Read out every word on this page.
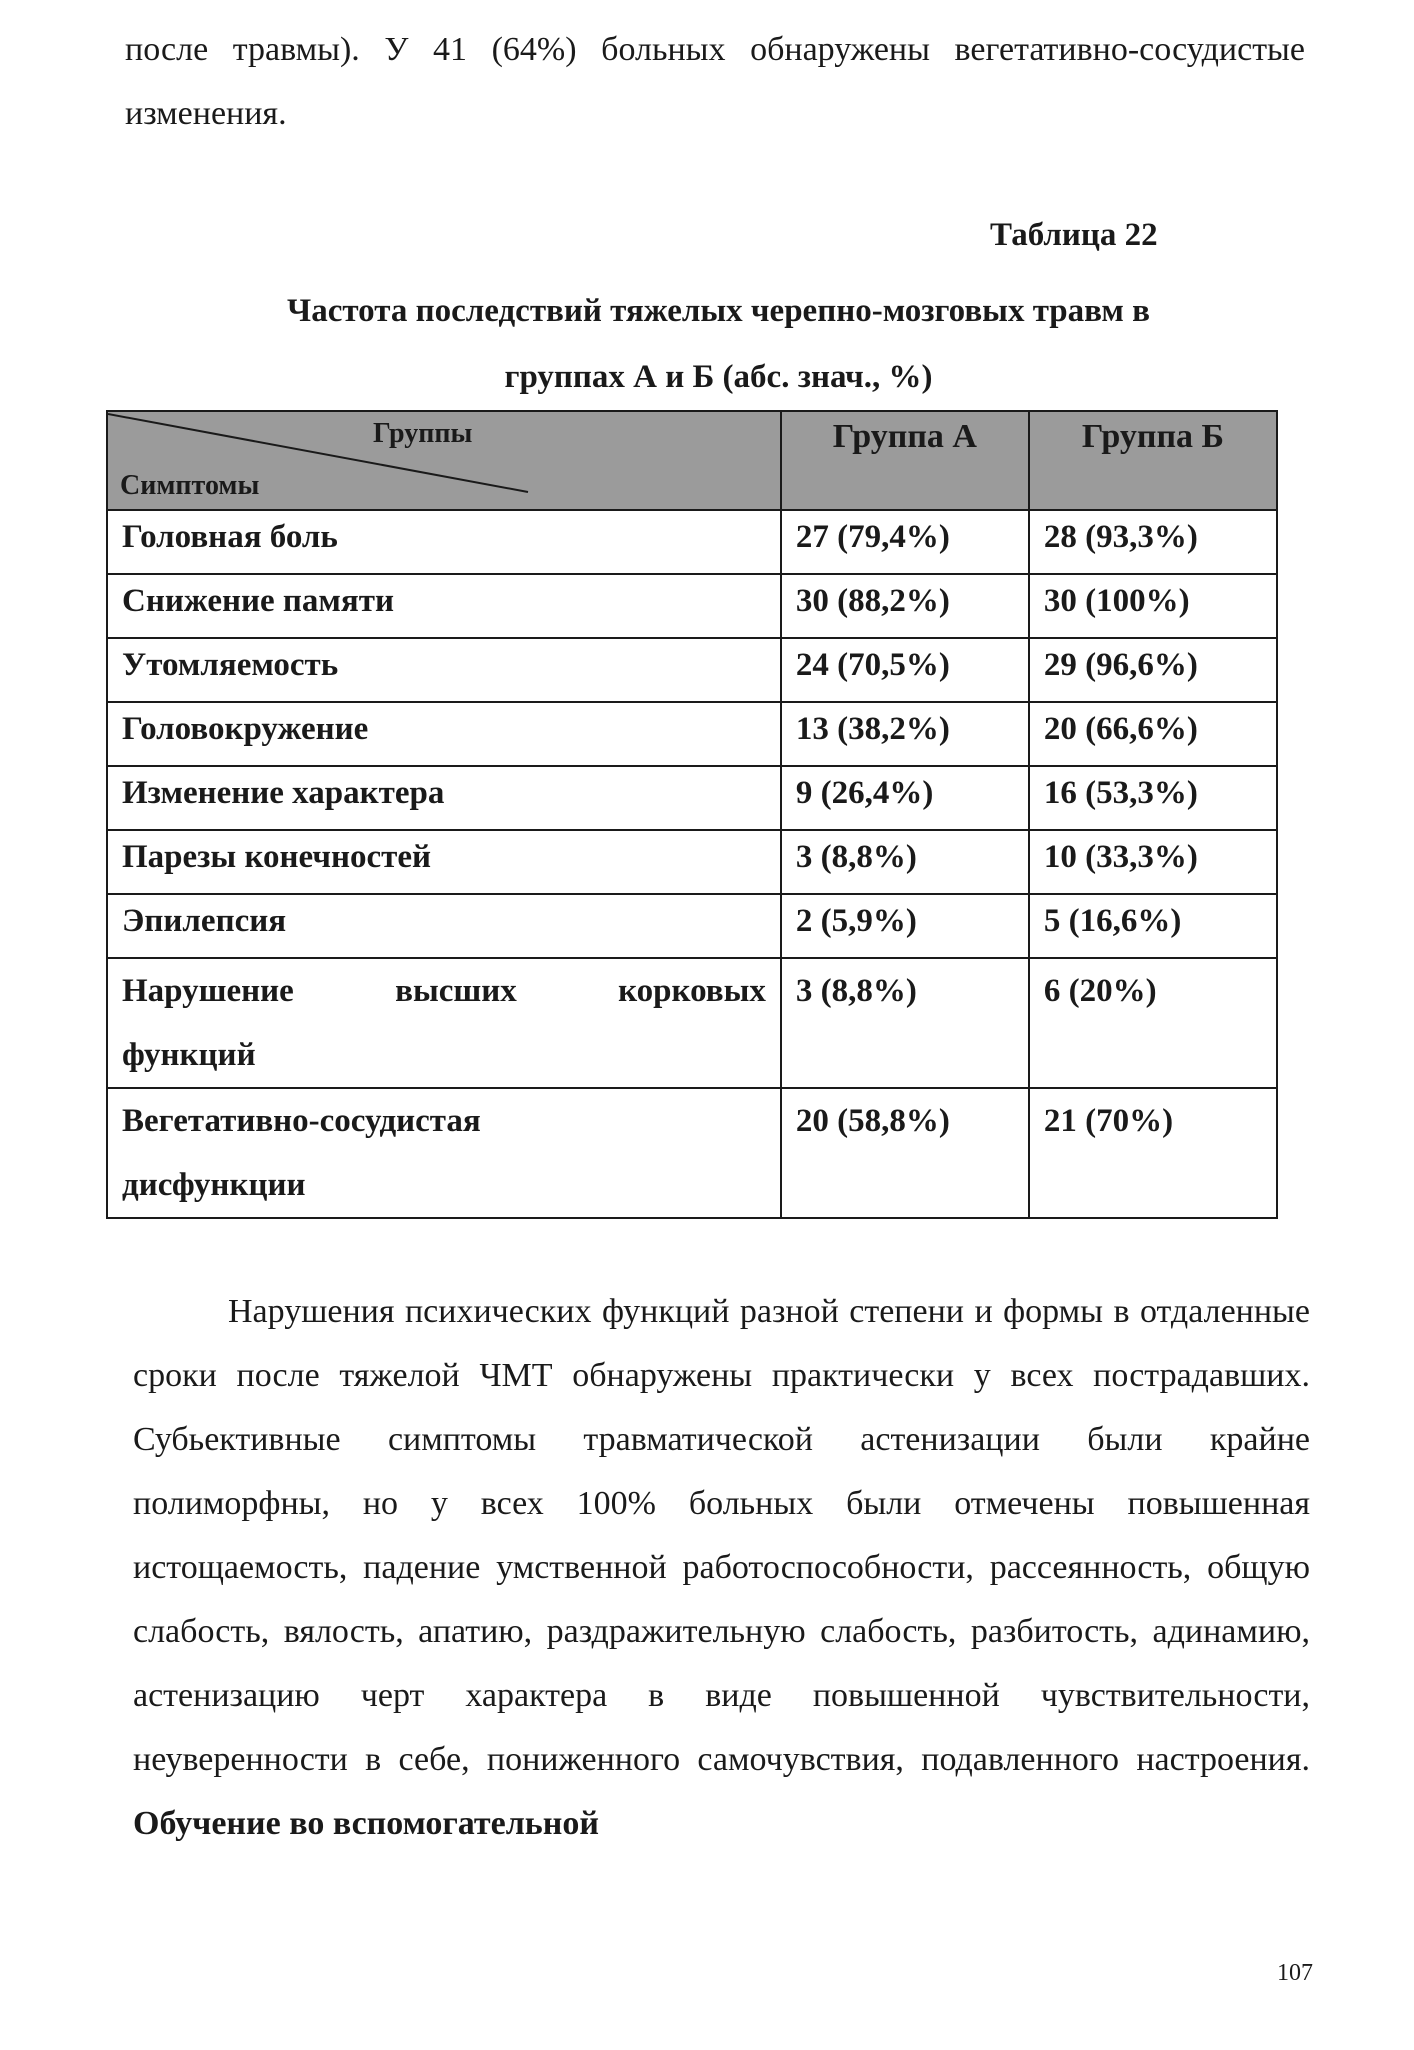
после травмы). У 41 (64%) больных обнаружены вегетативно-сосудистые изменения.

Таблица 22
Частота последствий тяжелых черепно-мозговых травм в
группах А и Б (абс. знач., %)
Группы
Симптомы	Группа А	Группа Б
Головная боль	27 (79,4%)	28 (93,3%)
Снижение памяти	30 (88,2%)	30 (100%)
Утомляемость	24 (70,5%)	29 (96,6%)
Головокружение	13 (38,2%)	20 (66,6%)
Изменение характера	9 (26,4%)	16 (53,3%)
Парезы конечностей	3 (8,8%)	10 (33,3%)
Эпилепсия	2 (5,9%)	5 (16,6%)

Нарушение высших корковых
функций	3 (8,8%)	6 (20%)

Вегетативно-сосудистая
дисфункции	20 (58,8%)	21 (70%)

Нарушения психических функций разной степени и формы в отдаленные сроки после тяжелой ЧМТ обнаружены практически у всех пострадавших. Субьективные симптомы травматической астенизации были крайне полиморфны, но у всех 100% больных были отмечены повышенная истощаемость, падение умственной работоспособности, рассеянность, общую слабость, вялость, апатию, раздражительную слабость, разбитость, адинамию, астенизацию черт характера в виде повышенной чувствительности, неуверенности в себе, пониженного самочувствия, подавленного настроения. Обучение во вспомогательной

107
